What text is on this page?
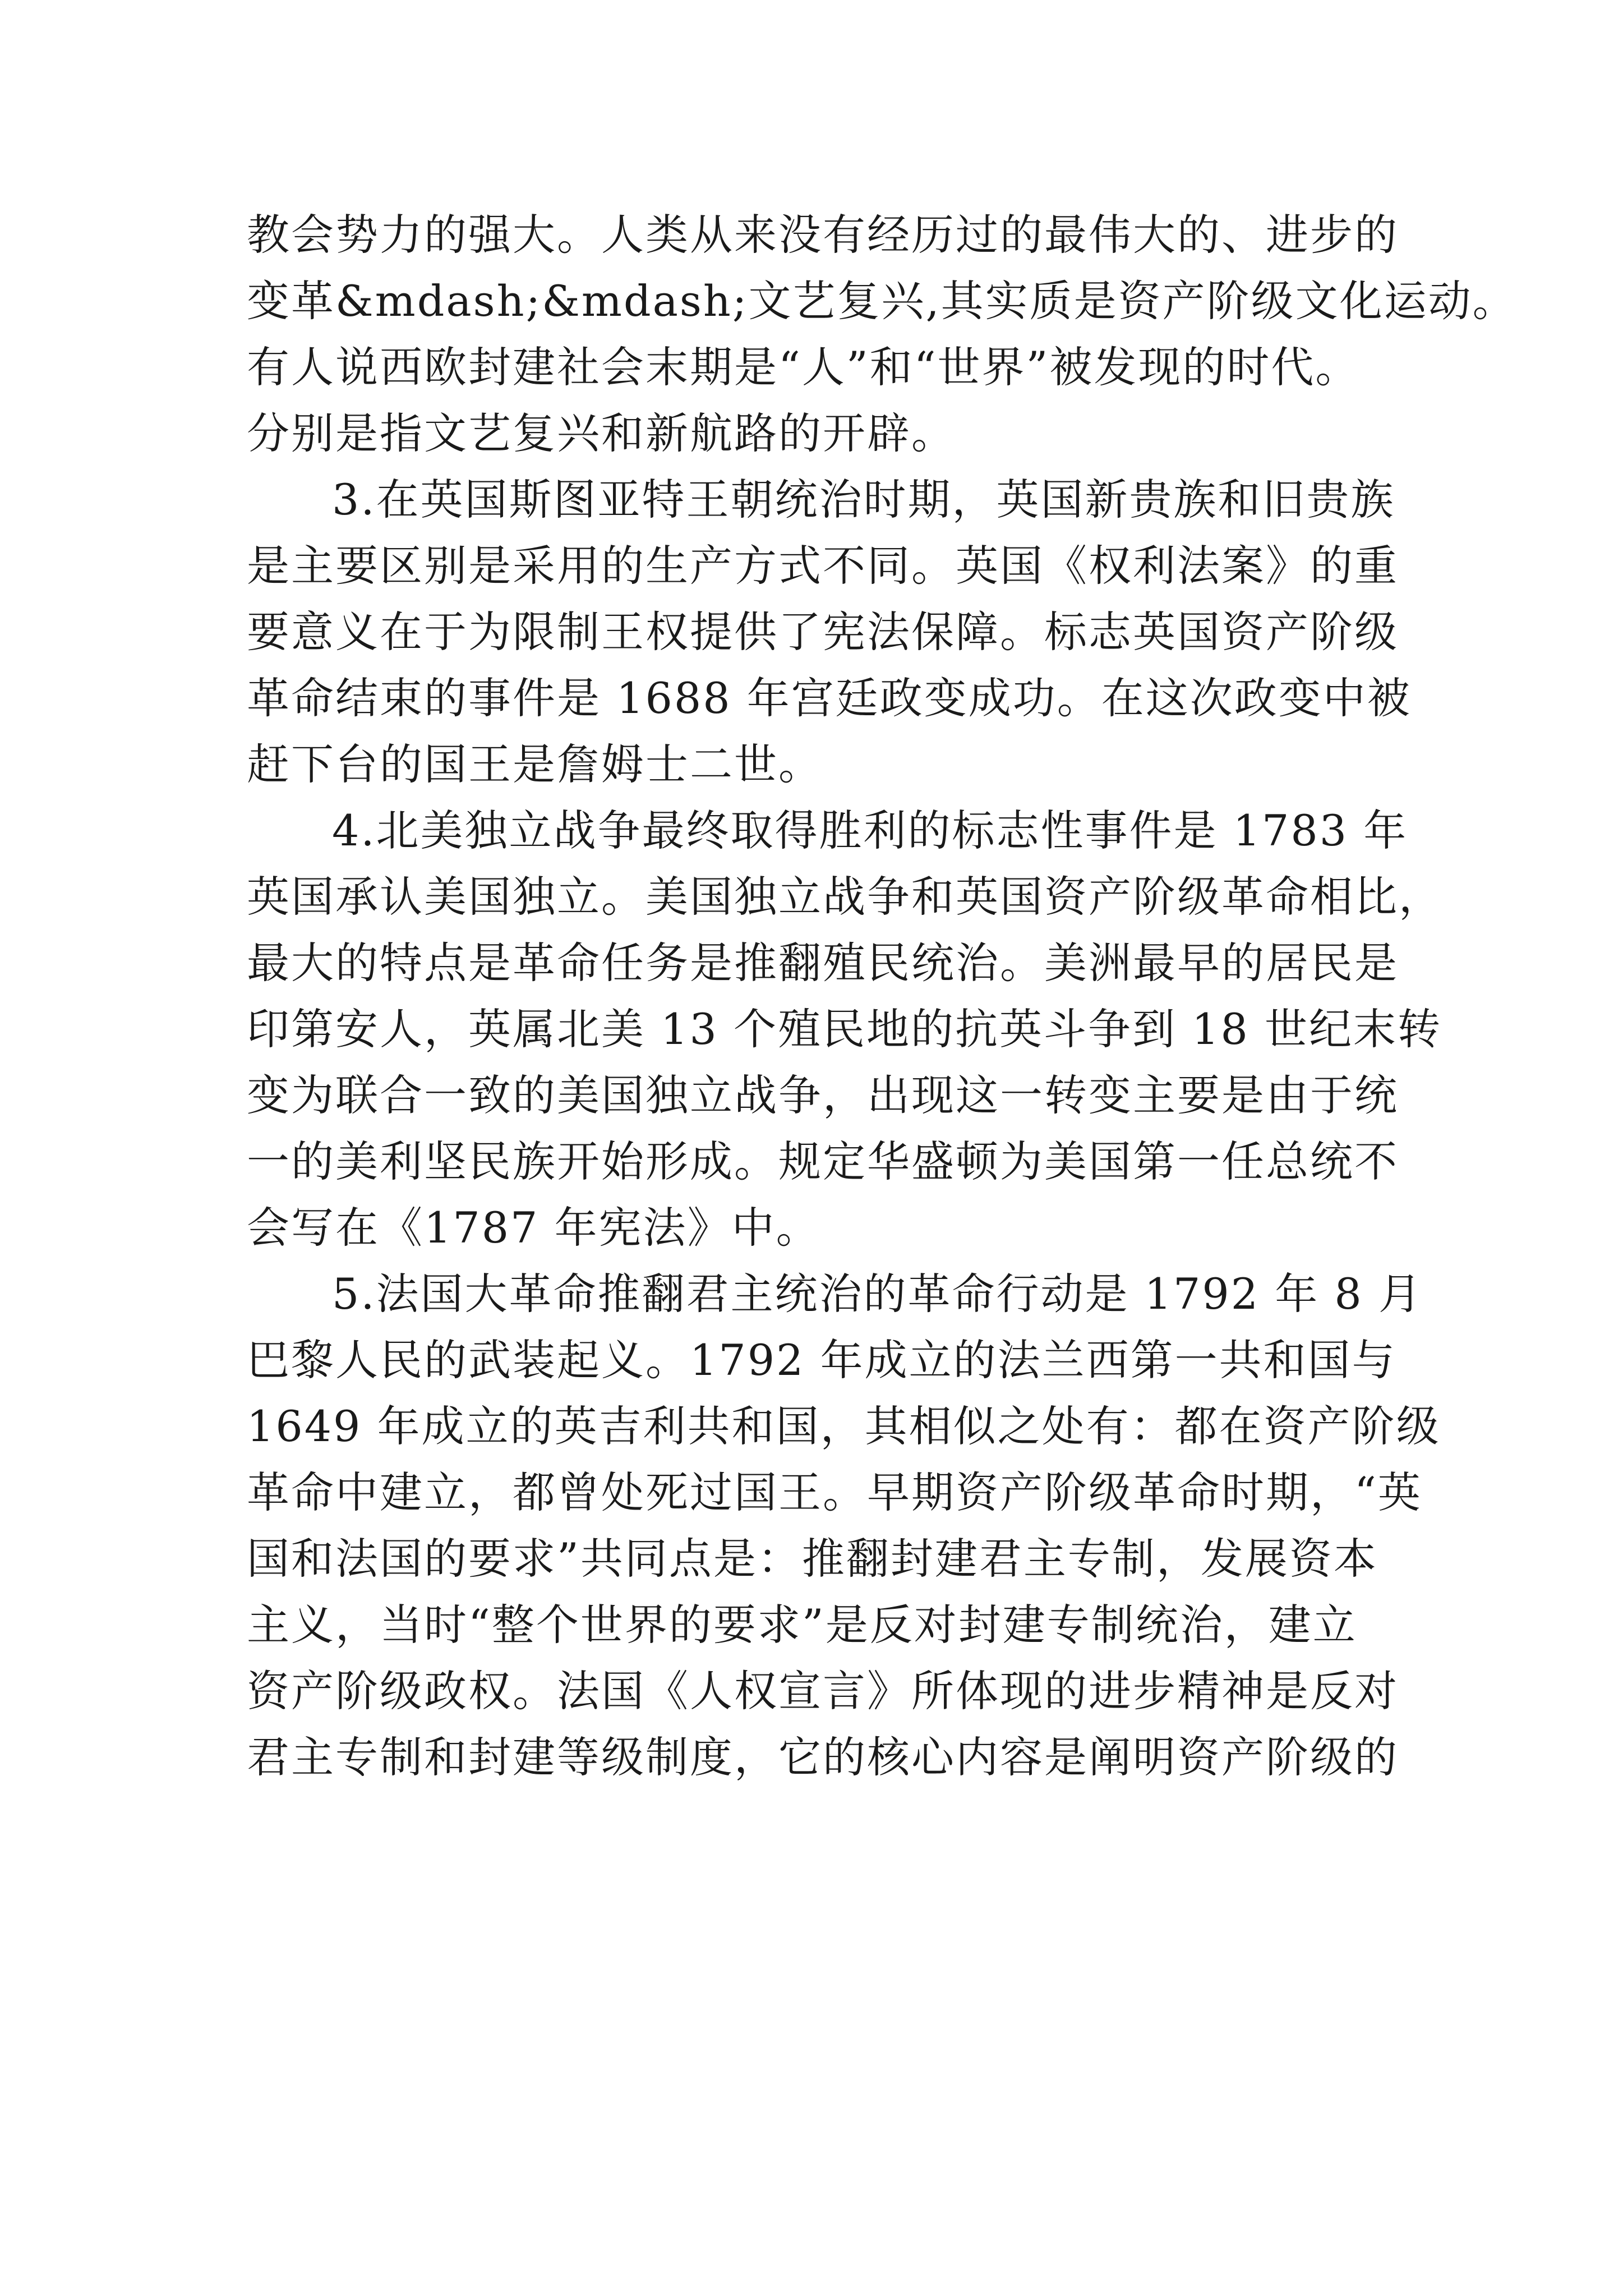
教会势力的强大。人类从来没有经历过的最伟大的、进步的
变革&mdash;&mdash;文艺复兴,其实质是资产阶级文化运动。
有人说西欧封建社会末期是“人”和“世界”被发现的时代。
分别是指文艺复兴和新航路的开辟。
3.在英国斯图亚特王朝统治时期，英国新贵族和旧贵族
是主要区别是采用的生产方式不同。英国《权利法案》的重
要意义在于为限制王权提供了宪法保障。标志英国资产阶级
革命结束的事件是 1688 年宫廷政变成功。在这次政变中被
赶下台的国王是詹姆士二世。
4.北美独立战争最终取得胜利的标志性事件是 1783 年
英国承认美国独立。美国独立战争和英国资产阶级革命相比，
最大的特点是革命任务是推翻殖民统治。美洲最早的居民是
印第安人，英属北美 13 个殖民地的抗英斗争到 18 世纪末转
变为联合一致的美国独立战争，出现这一转变主要是由于统
一的美利坚民族开始形成。规定华盛顿为美国第一任总统不
会写在《1787 年宪法》中。
5.法国大革命推翻君主统治的革命行动是 1792 年 8 月
巴黎人民的武装起义。1792 年成立的法兰西第一共和国与
1649 年成立的英吉利共和国，其相似之处有：都在资产阶级
革命中建立，都曾处死过国王。早期资产阶级革命时期，“英
国和法国的要求”共同点是：推翻封建君主专制，发展资本
主义，当时“整个世界的要求”是反对封建专制统治，建立
资产阶级政权。法国《人权宣言》所体现的进步精神是反对
君主专制和封建等级制度，它的核心内容是阐明资产阶级的
